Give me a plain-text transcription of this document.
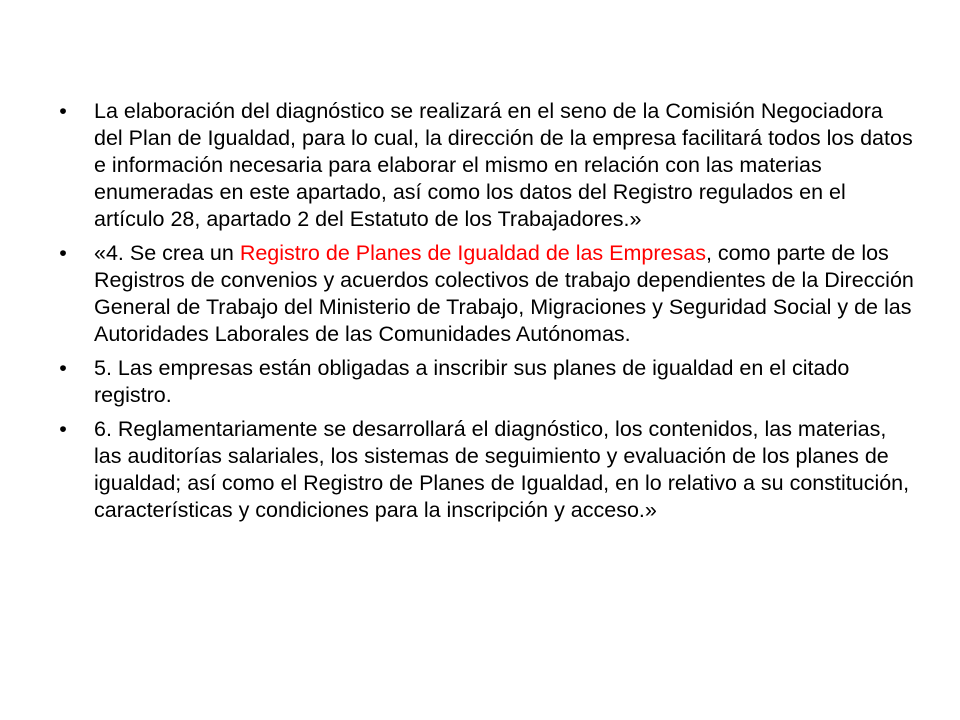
• La elaboración del diagnóstico se realizará en el seno de la Comisión Negociadora del Plan de Igualdad, para lo cual, la dirección de la empresa facilitará todos los datos e información necesaria para elaborar el mismo en relación con las materias enumeradas en este apartado, así como los datos del Registro regulados en el artículo 28, apartado 2 del Estatuto de los Trabajadores.»
• «4. Se crea un Registro de Planes de Igualdad de las Empresas, como parte de los Registros de convenios y acuerdos colectivos de trabajo dependientes de la Dirección General de Trabajo del Ministerio de Trabajo, Migraciones y Seguridad Social y de las Autoridades Laborales de las Comunidades Autónomas.
• 5. Las empresas están obligadas a inscribir sus planes de igualdad en el citado registro.
• 6. Reglamentariamente se desarrollará el diagnóstico, los contenidos, las materias, las auditorías salariales, los sistemas de seguimiento y evaluación de los planes de igualdad; así como el Registro de Planes de Igualdad, en lo relativo a su constitución, características y condiciones para la inscripción y acceso.»
